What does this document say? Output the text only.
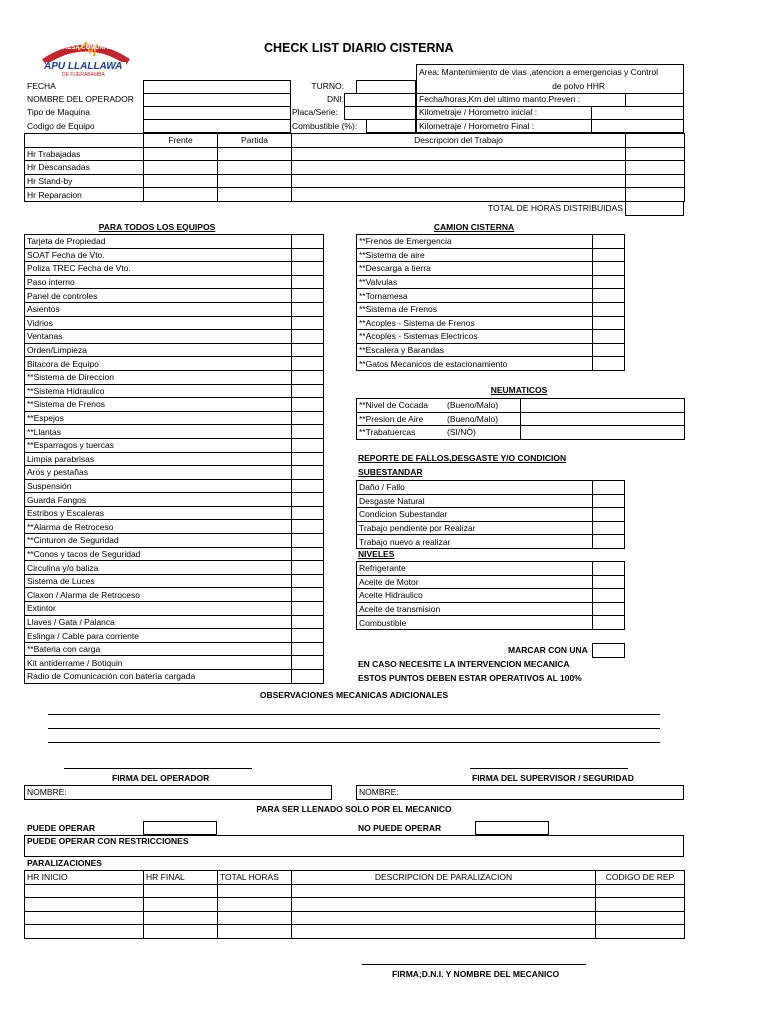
EMPRESA COMUNAL
APU LLALLAWA
DE FUERABAMBA
CHECK LIST DIARIO CISTERNA
FECHA
NOMBRE DEL OPERADOR
Tipo de Maquina
Codigo de Equipo
TURNO:
DNI:
Placa/Serie:
Combustible (%):
Area: Mantenimiento de vias ,atencion a emergencias y Control
de polvo HHR
Fecha/horas,Km del ultimo manto.Preven :
Kilometraje / Horometro inicial :
Kilometraje / Horometro Final :
	Frente	Partida	Descripcion del Trabajo	
Hr Trabajadas				
Hr Descansadas				
Hr Stand-by				
Hr Reparacion				
TOTAL DE HORAS DISTRIBUIDAS
PARA TODOS LOS EQUIPOS
Tarjeta de Propiedad	
SOAT Fecha de Vto.	
Poliza TREC Fecha de Vto.	
Paso interno	
Panel de controles	
Asientos	
Vidrios	
Ventanas	
Orden/Limpieza	
Bitacora de Equipo	
**Sistema de Direccion	
**Sistema Hidraulico	
**Sistema de Frenos	
**Espejos	
**Llantas	
**Esparragos y tuercas	
Limpia parabrisas	
Aros y pestañas	
Suspensión	
Guarda Fangos	
Estribos y Escaleras	
**Alarma de Retroceso	
**Cinturon de Seguridad	
**Conos y tacos de Seguridad	
Circulina y/o baliza	
Sistema de Luces	
Claxon / Alarma de Retroceso	
Extintor	
Llaves / Gata / Palanca	
Eslinga / Cable para corriente	
**Bateria con carga	
Kit antiderrame / Botiquin	
Radio de Comunicación con batería cargada	
CAMION CISTERNA
**Frenos de Emergencia	
**Sistema de aire	
**Descarga a tierra	
**Valvulas	
**Tornamesa	
**Sistema de Frenos	
**Acoples - Sistema de Frenos	
**Acoples - Sistemas Electricos	
**Escalera y Barandas	
**Gatos Mecanicos de estacionamiento	
NEUMATICOS
**Nivel de Cocada (Bueno/Malo)	
**Presion de Aire (Bueno/Malo)	
**Trabatuercas (SI/NO)	
REPORTE DE FALLOS,DESGASTE Y/O CONDICION
SUBESTANDAR
Daño / Fallo	
Desgaste Natural	
Condicion Subestandar	
Trabajo pendiente por Realizar	
Trabajo nuevo a realizar	
NIVELES
Refrigerante	
Aceite de Motor	
Aceite Hidraulico	
Aceite de transmision	
Combustible	
MARCAR CON UNA
EN CASO NECESITE LA INTERVENCION MECANICA
ESTOS PUNTOS DEBEN ESTAR OPERATIVOS AL 100%
OBSERVACIONES MECANICAS ADICIONALES
FIRMA DEL OPERADOR	FIRMA DEL SUPERVISOR / SEGURIDAD
NOMBRE:	NOMBRE:
PARA SER LLENADO SOLO POR EL MECANICO
PUEDE OPERAR	NO PUEDE OPERAR
PUEDE OPERAR CON RESTRICCIONES
PARALIZACIONES
HR INICIO	HR FINAL	TOTAL HORAS	DESCRIPCION DE PARALIZACION	CODIGO DE REP

FIRMA;D.N.I. Y NOMBRE DEL MECANICO
